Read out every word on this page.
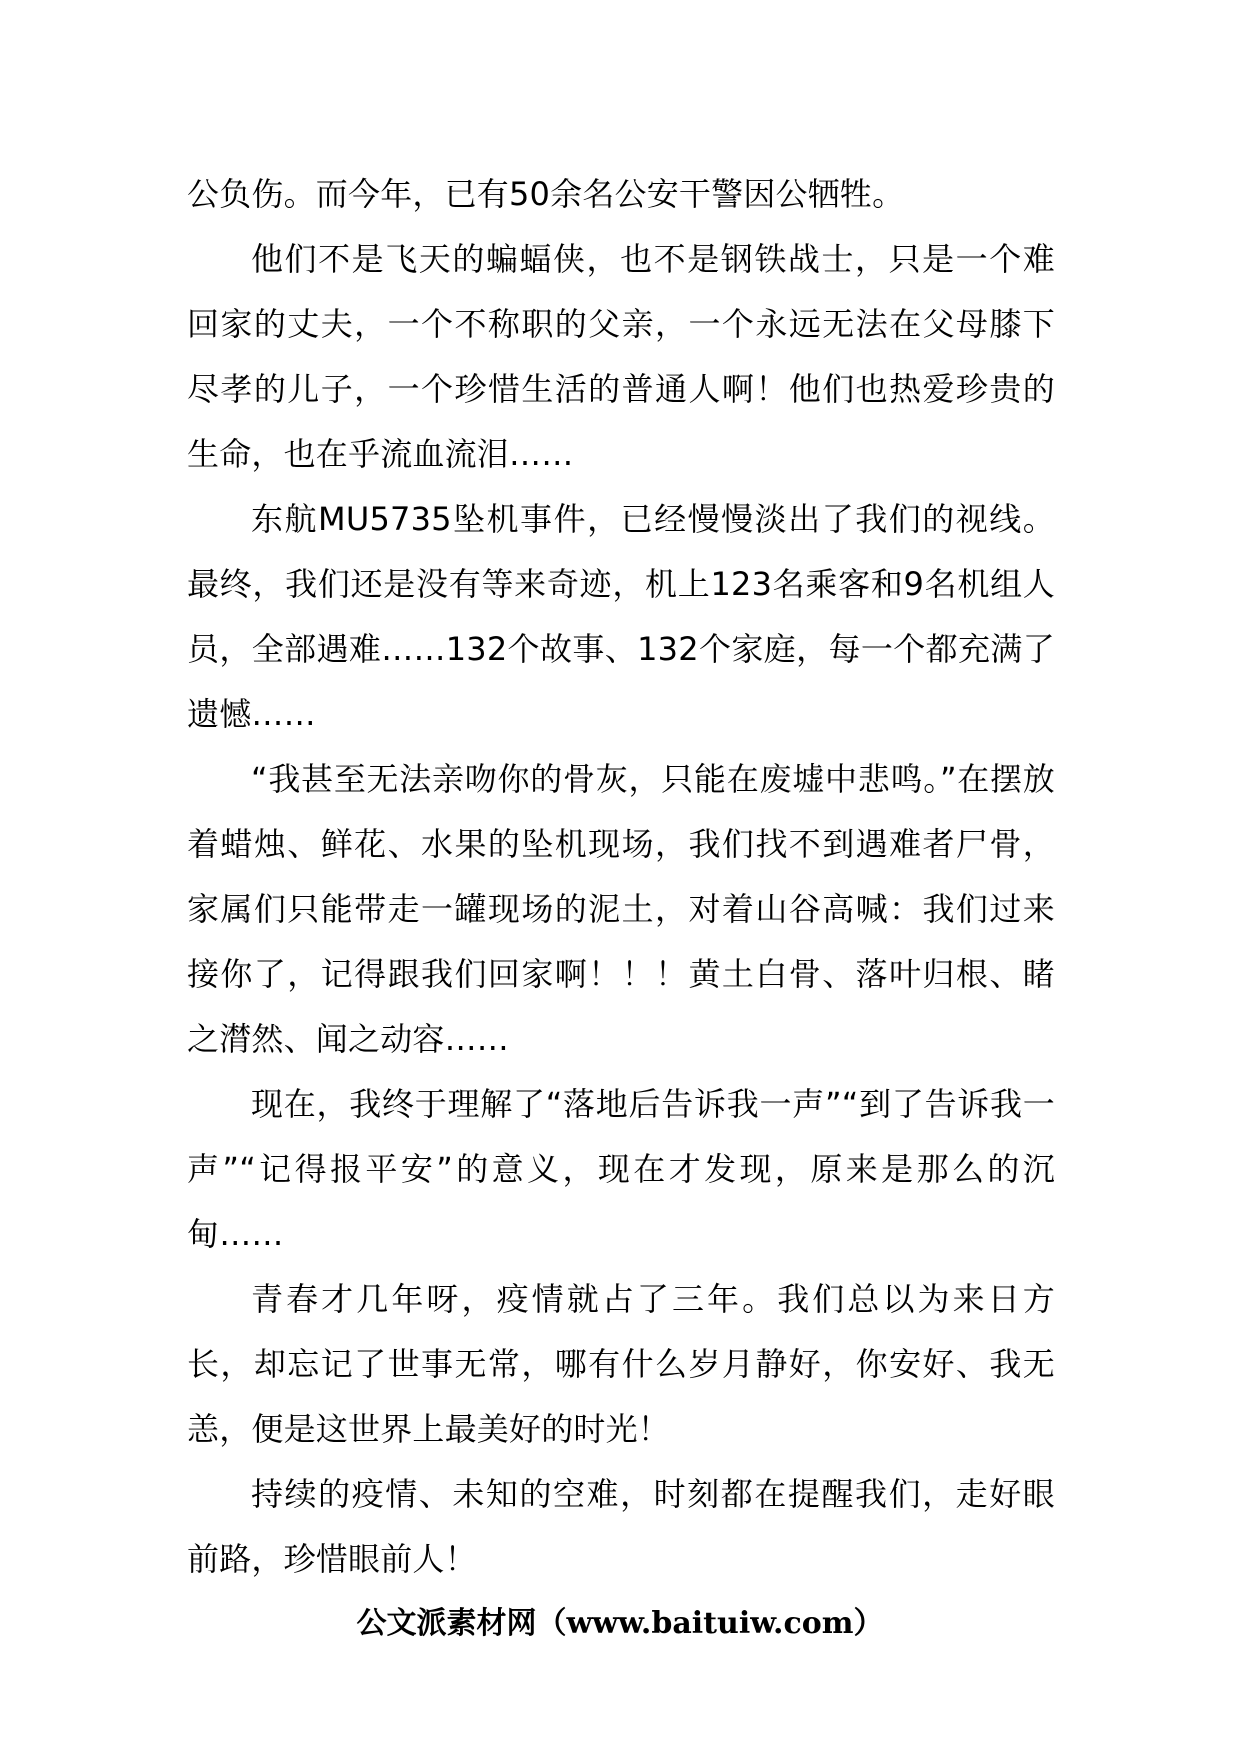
公负伤。而今年，已有50余名公安干警因公牺牲。

他们不是飞天的蝙蝠侠，也不是钢铁战士，只是一个难回家的丈夫，一个不称职的父亲，一个永远无法在父母膝下尽孝的儿子，一个珍惜生活的普通人啊！他们也热爱珍贵的生命，也在乎流血流泪……

东航MU5735坠机事件，已经慢慢淡出了我们的视线。最终，我们还是没有等来奇迹，机上123名乘客和9名机组人员，全部遇难……132个故事、132个家庭，每一个都充满了遗憾……

“我甚至无法亲吻你的骨灰，只能在废墟中悲鸣。”在摆放着蜡烛、鲜花、水果的坠机现场，我们找不到遇难者尸骨，家属们只能带走一罐现场的泥土，对着山谷高喊：我们过来接你了，记得跟我们回家啊！！！黄土白骨、落叶归根、睹之潸然、闻之动容……

现在，我终于理解了“落地后告诉我一声”“到了告诉我一声”“记得报平安”的意义，现在才发现，原来是那么的沉甸……

青春才几年呀，疫情就占了三年。我们总以为来日方长，却忘记了世事无常，哪有什么岁月静好，你安好、我无恙，便是这世界上最美好的时光！

持续的疫情、未知的空难，时刻都在提醒我们，走好眼前路，珍惜眼前人！

公文派素材网（www.baituiw.com）
